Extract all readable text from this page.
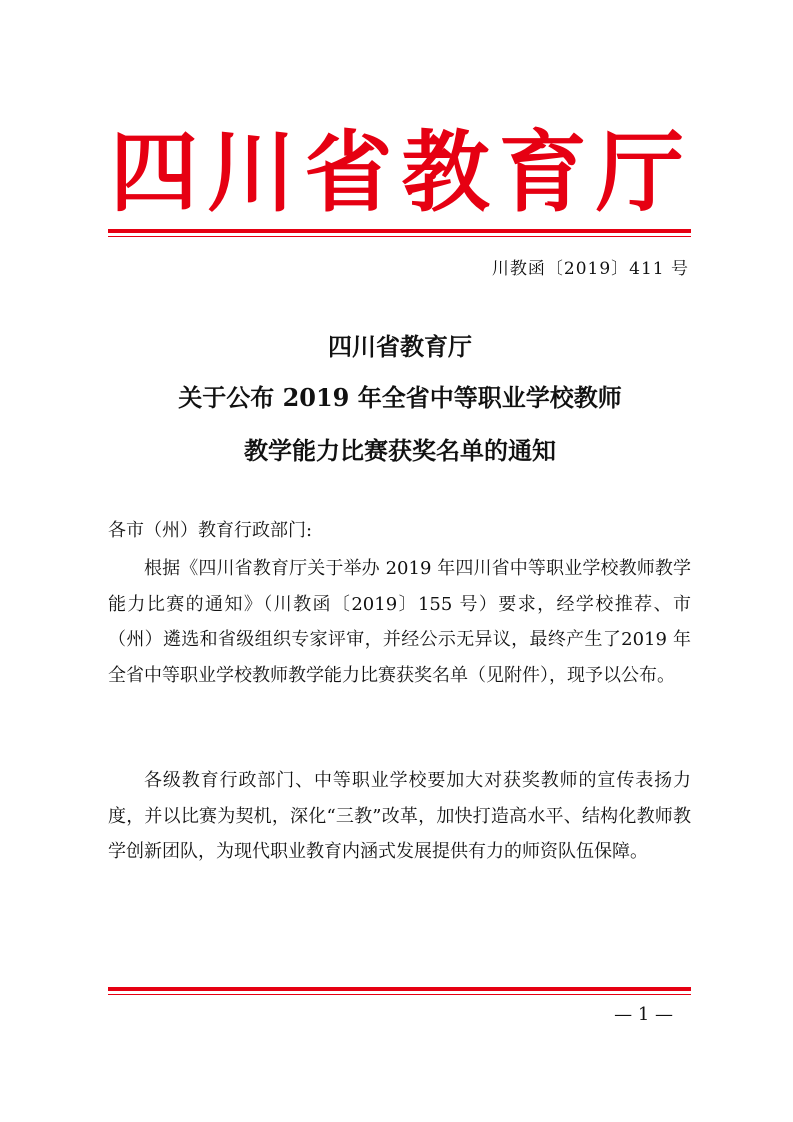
四 川 省 教 育 厅
川教函〔2019〕411 号
四川省教育厅
关于公布 2019 年全省中等职业学校教师
教学能力比赛获奖名单的通知
各市（州）教育行政部门:

根据《四川省教育厅关于举办 2019 年四川省中等职业学校教师教学能力比赛的通知》（川教函〔2019〕155 号）要求，经学校推荐、市（州）遴选和省级组织专家评审，并经公示无异议，最终产生了2019 年全省中等职业学校教师教学能力比赛获奖名单（见附件），现予以公布。

各级教育行政部门、中等职业学校要加大对获奖教师的宣传表扬力度，并以比赛为契机，深化“三教”改革，加快打造高水平、结构化教师教学创新团队，为现代职业教育内涵式发展提供有力的师资队伍保障。

— 1 —
